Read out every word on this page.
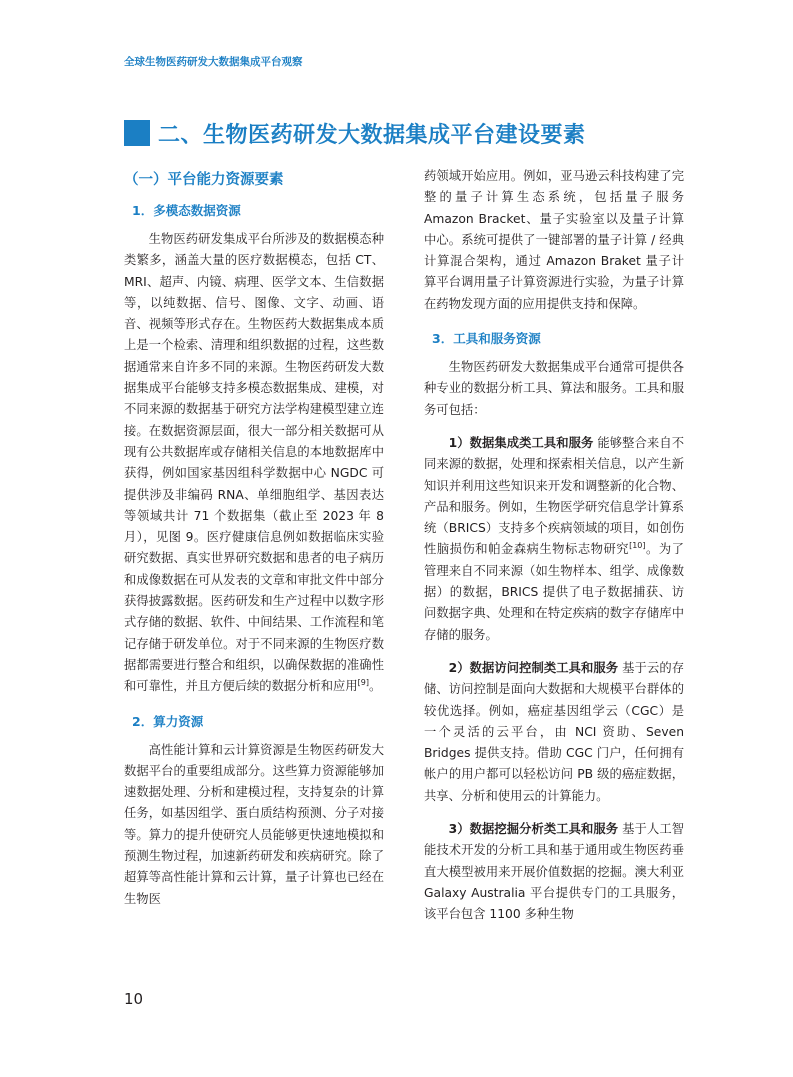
全球生物医药研发大数据集成平台观察
二、生物医药研发大数据集成平台建设要素
（一）平台能力资源要素
1．多模态数据资源

生物医药研发集成平台所涉及的数据模态种类繁多，涵盖大量的医疗数据模态，包括 CT、MRI、超声、内镜、病理、医学文本、生信数据等，以纯数据、信号、图像、文字、动画、语音、视频等形式存在。生物医药大数据集成本质上是一个检索、清理和组织数据的过程，这些数据通常来自许多不同的来源。生物医药研发大数据集成平台能够支持多模态数据集成、建模，对不同来源的数据基于研究方法学构建模型建立连接。在数据资源层面，很大一部分相关数据可从现有公共数据库或存储相关信息的本地数据库中获得，例如国家基因组科学数据中心 NGDC 可提供涉及非编码 RNA、单细胞组学、基因表达等领域共计 71 个数据集（截止至 2023 年 8 月），见图 9。医疗健康信息例如数据临床实验研究数据、真实世界研究数据和患者的电子病历和成像数据在可从发表的文章和审批文件中部分获得披露数据。医药研发和生产过程中以数字形式存储的数据、软件、中间结果、工作流程和笔记存储于研发单位。对于不同来源的生物医疗数据都需要进行整合和组织，以确保数据的准确性和可靠性，并且方便后续的数据分析和应用[9]。

2．算力资源

高性能计算和云计算资源是生物医药研发大数据平台的重要组成部分。这些算力资源能够加速数据处理、分析和建模过程，支持复杂的计算任务，如基因组学、蛋白质结构预测、分子对接等。算力的提升使研究人员能够更快速地模拟和预测生物过程，加速新药研发和疾病研究。除了超算等高性能计算和云计算，量子计算也已经在生物医

药领域开始应用。例如，亚马逊云科技构建了完整的量子计算生态系统，包括量子服务 Amazon Bracket、量子实验室以及量子计算中心。系统可提供了一键部署的量子计算 / 经典计算混合架构，通过 Amazon Braket 量子计算平台调用量子计算资源进行实验，为量子计算在药物发现方面的应用提供支持和保障。

3．工具和服务资源

生物医药研发大数据集成平台通常可提供各种专业的数据分析工具、算法和服务。工具和服务可包括：

1）数据集成类工具和服务 能够整合来自不同来源的数据，处理和探索相关信息，以产生新知识并利用这些知识来开发和调整新的化合物、产品和服务。例如，生物医学研究信息学计算系统（BRICS）支持多个疾病领域的项目，如创伤性脑损伤和帕金森病生物标志物研究[10]。为了管理来自不同来源（如生物样本、组学、成像数据）的数据，BRICS 提供了电子数据捕获、访问数据字典、处理和在特定疾病的数字存储库中存储的服务。

2）数据访问控制类工具和服务 基于云的存储、访问控制是面向大数据和大规模平台群体的较优选择。例如，癌症基因组学云（CGC）是一个灵活的云平台，由 NCI 资助、Seven Bridges 提供支持。借助 CGC 门户，任何拥有帐户的用户都可以轻松访问 PB 级的癌症数据，共享、分析和使用云的计算能力。

3）数据挖掘分析类工具和服务 基于人工智能技术开发的分析工具和基于通用或生物医药垂直大模型被用来开展价值数据的挖掘。澳大利亚 Galaxy Australia 平台提供专门的工具服务，该平台包含 1100 多种生物

10
